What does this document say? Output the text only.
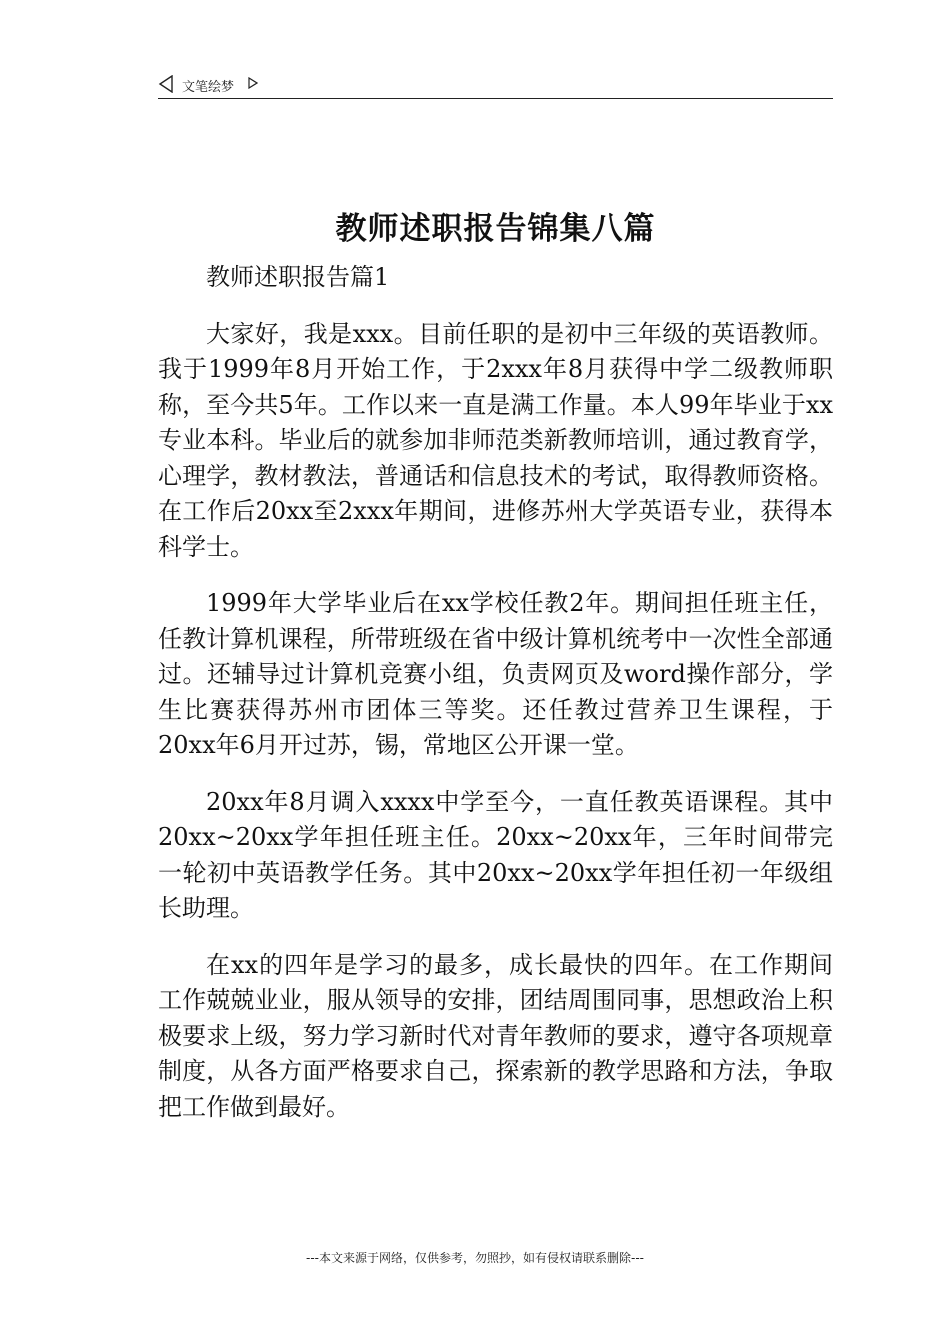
文笔绘梦
教师述职报告锦集八篇

教师述职报告篇1

大家好，我是xxx。目前任职的是初中三年级的英语教师。我于1999年8月开始工作，于2xxx年8月获得中学二级教师职称，至今共5年。工作以来一直是满工作量。本人99年毕业于xx专业本科。毕业后的就参加非师范类新教师培训，通过教育学，心理学，教材教法，普通话和信息技术的考试，取得教师资格。在工作后20xx至2xxx年期间，进修苏州大学英语专业，获得本科学士。

1999年大学毕业后在xx学校任教2年。期间担任班主任，任教计算机课程，所带班级在省中级计算机统考中一次性全部通过。还辅导过计算机竞赛小组，负责网页及word操作部分，学生比赛获得苏州市团体三等奖。还任教过营养卫生课程，于20xx年6月开过苏，锡，常地区公开课一堂。

20xx年8月调入xxxx中学至今，一直任教英语课程。其中20xx~20xx学年担任班主任。20xx~20xx年，三年时间带完一轮初中英语教学任务。其中20xx~20xx学年担任初一年级组长助理。

在xx的四年是学习的最多，成长最快的四年。在工作期间工作兢兢业业，服从领导的安排，团结周围同事，思想政治上积极要求上级，努力学习新时代对青年教师的要求，遵守各项规章制度，从各方面严格要求自己，探索新的教学思路和方法，争取把工作做到最好。

---本文来源于网络，仅供参考，勿照抄，如有侵权请联系删除---
